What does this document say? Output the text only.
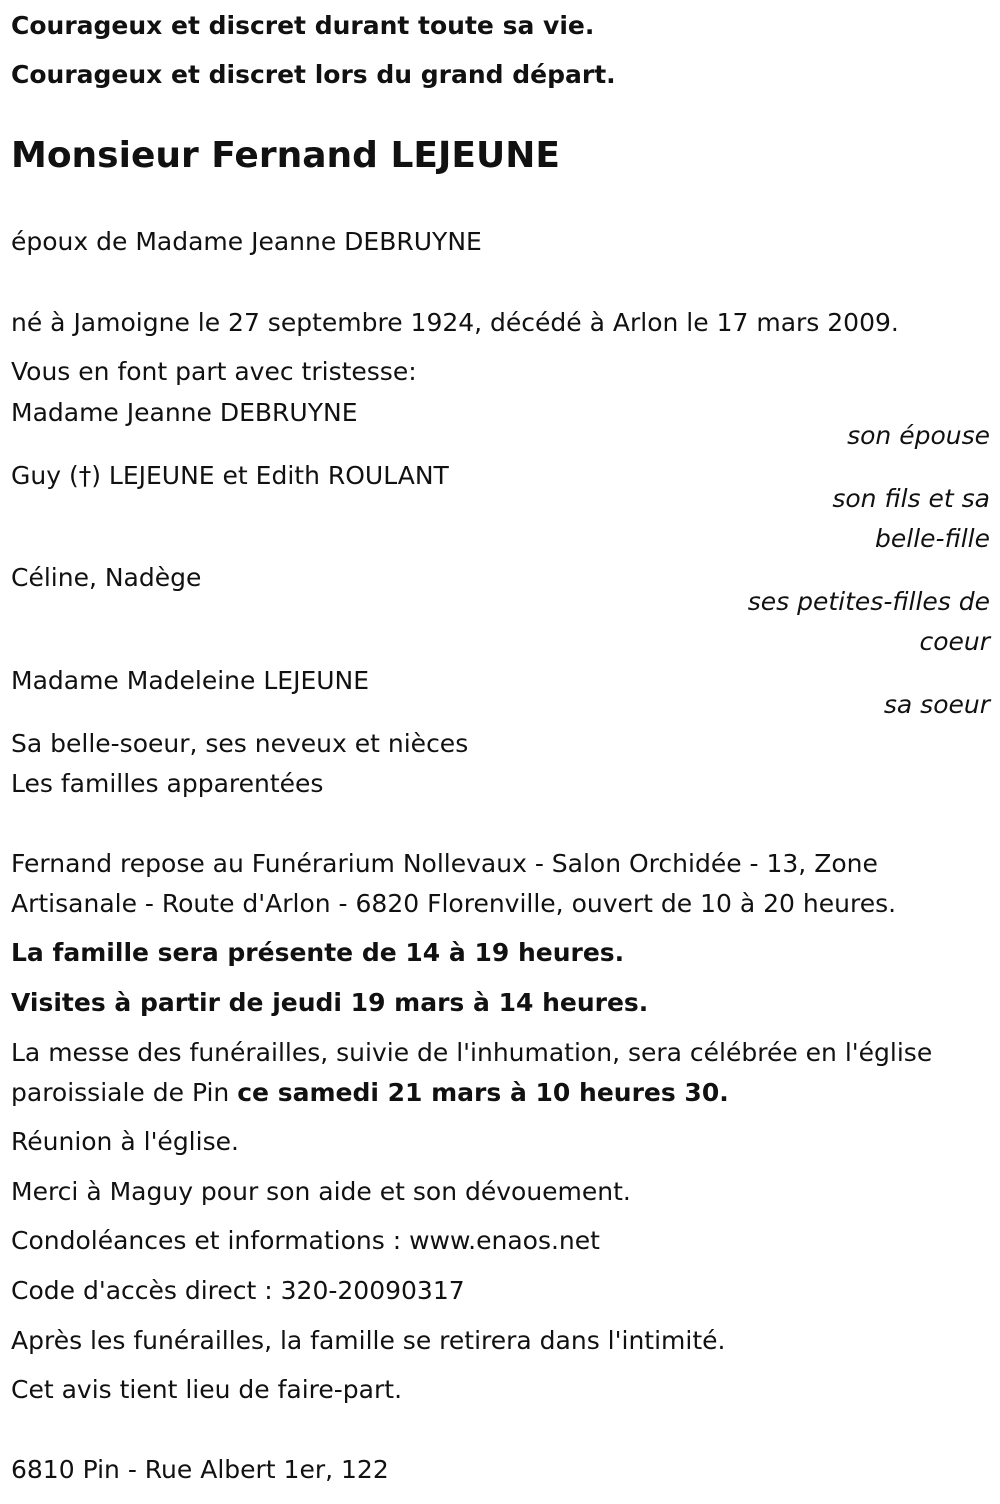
Courageux et discret durant toute sa vie.
Courageux et discret lors du grand départ.
Monsieur Fernand LEJEUNE
époux de Madame Jeanne DEBRUYNE
né à Jamoigne le 27 septembre 1924, décédé à Arlon le 17 mars 2009.
Vous en font part avec tristesse:
Madame Jeanne DEBRUYNE
son épouse
Guy (†) LEJEUNE et Edith ROULANT
son fils et sa
belle-fille
Céline, Nadège
ses petites-filles de
coeur
Madame Madeleine LEJEUNE
sa soeur
Sa belle-soeur, ses neveux et nièces
Les familles apparentées
Fernand repose au Funérarium Nollevaux - Salon Orchidée - 13, Zone
Artisanale - Route d'Arlon - 6820 Florenville, ouvert de 10 à 20 heures.
La famille sera présente de 14 à 19 heures.
Visites à partir de jeudi 19 mars à 14 heures.
La messe des funérailles, suivie de l'inhumation, sera célébrée en l'église
paroissiale de Pin ce samedi 21 mars à 10 heures 30.
Réunion à l'église.
Merci à Maguy pour son aide et son dévouement.
Condoléances et informations : www.enaos.net
Code d'accès direct : 320-20090317
Après les funérailles, la famille se retirera dans l'intimité.
Cet avis tient lieu de faire-part.
6810 Pin - Rue Albert 1er, 122
